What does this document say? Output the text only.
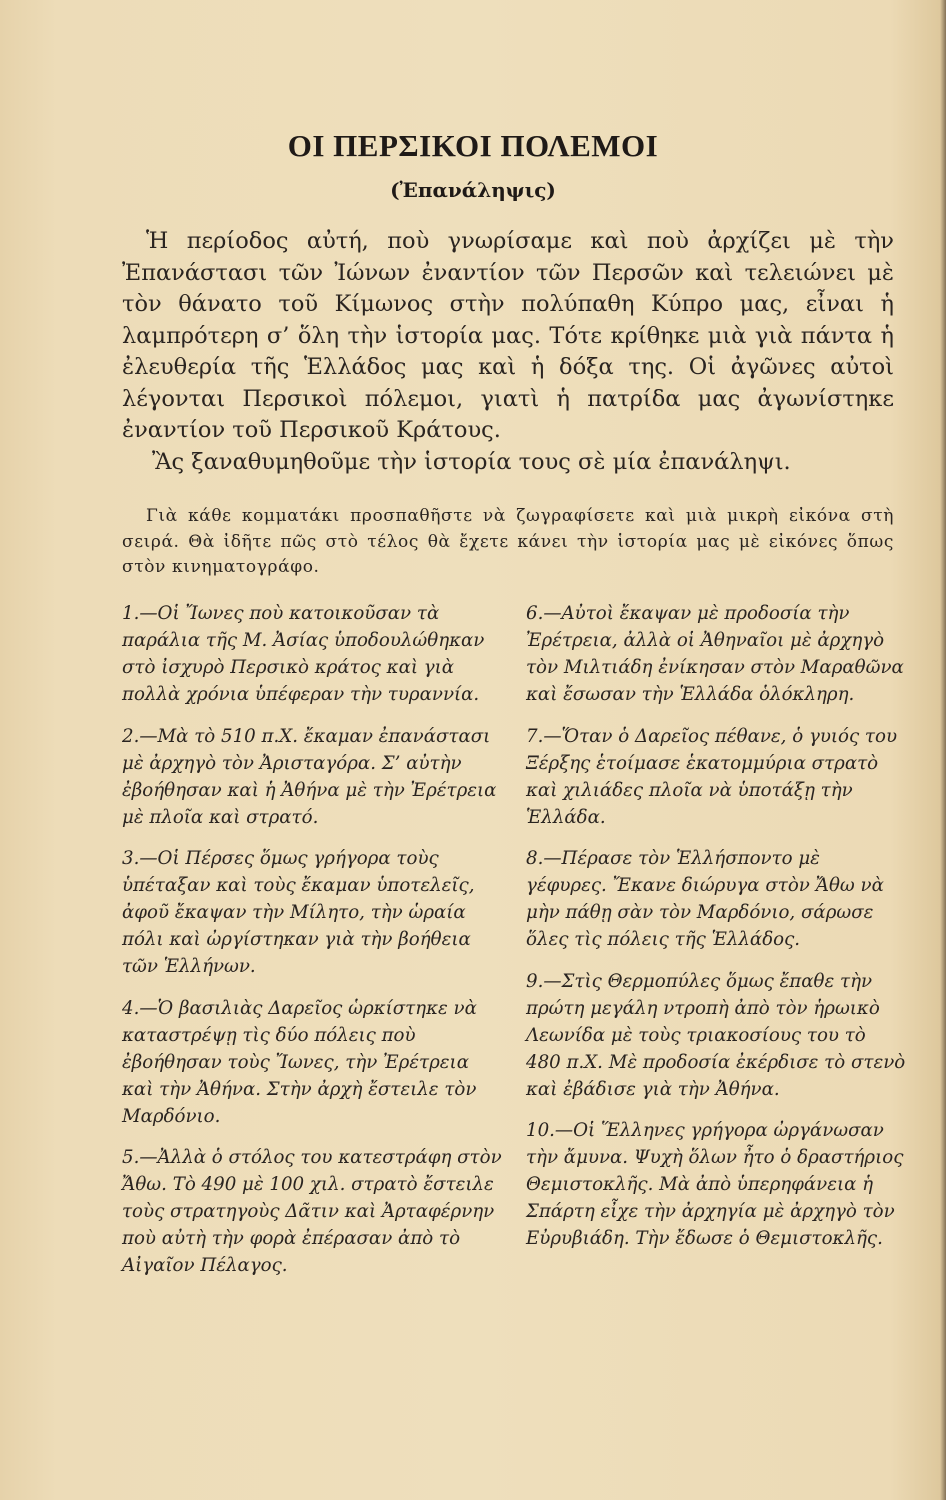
ΟΙ ΠΕΡΣΙΚΟΙ ΠΟΛΕΜΟΙ
(Ἐπανάληψις)

Ἡ περίοδος αὐτή, ποὺ γνωρίσαμε καὶ ποὺ ἀρχίζει μὲ τὴν Ἐπανάστασι τῶν Ἰώνων ἐναντίον τῶν Περσῶν καὶ τελειώνει μὲ τὸν θάνατο τοῦ Κίμωνος στὴν πολύπαθη Κύπρο μας, εἶναι ἡ λαμπρότερη σ’ ὅλη τὴν ἱστορία μας. Τότε κρίθηκε μιὰ γιὰ πάντα ἡ ἐλευθερία τῆς Ἑλλάδος μας καὶ ἡ δόξα της. Οἱ ἀγῶνες αὐτοὶ λέγονται Περσικοὶ πόλεμοι, γιατὶ ἡ πατρίδα μας ἀγωνίστηκε ἐναντίον τοῦ Περσικοῦ Κράτους.
Ἂς ξαναθυμηθοῦμε τὴν ἱστορία τους σὲ μία ἐπανάληψι.

Γιὰ κάθε κομματάκι προσπαθῆστε νὰ ζωγραφίσετε καὶ μιὰ μικρὴ εἰκόνα στὴ σειρά. Θὰ ἰδῆτε πῶς στὸ τέλος θὰ ἔχετε κάνει τὴν ἱστορία μας μὲ εἰκόνες ὅπως στὸν κινηματογράφο.

1.—Οἱ Ἴωνες ποὺ κατοικοῦσαν τὰ παράλια τῆς Μ. Ἀσίας ὑποδουλώθηκαν στὸ ἰσχυρὸ Περσικὸ κράτος καὶ γιὰ πολλὰ χρόνια ὑπέφεραν τὴν τυραννία.

2.—Μὰ τὸ 510 π.Χ. ἔκαμαν ἐπανάστασι μὲ ἀρχηγὸ τὸν Ἀρισταγόρα. Σ’ αὐτὴν ἐβοήθησαν καὶ ἡ Ἀθήνα μὲ τὴν Ἐρέτρεια μὲ πλοῖα καὶ στρατό.

3.—Οἱ Πέρσες ὅμως γρήγορα τοὺς ὑπέταξαν καὶ τοὺς ἔκαμαν ὑποτελεῖς, ἀφοῦ ἔκαψαν τὴν Μίλητο, τὴν ὡραία πόλι καὶ ὠργίστηκαν γιὰ τὴν βοήθεια τῶν Ἑλλήνων.

4.—Ὁ βασιλιὰς Δαρεῖος ὡρκίστηκε νὰ καταστρέψῃ τὶς δύο πόλεις ποὺ ἐβοήθησαν τοὺς Ἴωνες, τὴν Ἐρέτρεια καὶ τὴν Ἀθήνα. Στὴν ἀρχὴ ἔστειλε τὸν Μαρδόνιο.

5.—Ἀλλὰ ὁ στόλος του κατεστράφη στὸν Ἄθω. Τὸ 490 μὲ 100 χιλ. στρατὸ ἔστειλε τοὺς στρατηγοὺς Δᾶτιν καὶ Ἀρταφέρνην ποὺ αὐτὴ τὴν φορὰ ἐπέρασαν ἀπὸ τὸ Αἰγαῖον Πέλαγος.

6.—Αὐτοὶ ἔκαψαν μὲ προδοσία τὴν Ἐρέτρεια, ἀλλὰ οἱ Ἀθηναῖοι μὲ ἀρχηγὸ τὸν Μιλτιάδη ἐνίκησαν στὸν Μαραθῶνα καὶ ἔσωσαν τὴν Ἑλλάδα ὁλόκληρη.

7.—Ὅταν ὁ Δαρεῖος πέθανε, ὁ γυιός του Ξέρξης ἑτοίμασε ἑκατομμύρια στρατὸ καὶ χιλιάδες πλοῖα νὰ ὑποτάξῃ τὴν Ἑλλάδα.

8.—Πέρασε τὸν Ἑλλήσποντο μὲ γέφυρες. Ἔκανε διώρυγα στὸν Ἄθω νὰ μὴν πάθῃ σὰν τὸν Μαρδόνιο, σάρωσε ὅλες τὶς πόλεις τῆς Ἑλλάδος.

9.—Στὶς Θερμοπύλες ὅμως ἔπαθε τὴν πρώτη μεγάλη ντροπὴ ἀπὸ τὸν ἡρωικὸ Λεωνίδα μὲ τοὺς τριακοσίους του τὸ 480 π.Χ. Μὲ προδοσία ἐκέρδισε τὸ στενὸ καὶ ἐβάδισε γιὰ τὴν Ἀθήνα.

10.—Οἱ Ἕλληνες γρήγορα ὠργάνωσαν τὴν ἄμυνα. Ψυχὴ ὅλων ἦτο ὁ δραστήριος Θεμιστοκλῆς. Μὰ ἀπὸ ὑπερηφάνεια ἡ Σπάρτη εἶχε τὴν ἀρχηγία μὲ ἀρχηγὸ τὸν Εὐρυβιάδη. Τὴν ἔδωσε ὁ Θεμιστοκλῆς.
